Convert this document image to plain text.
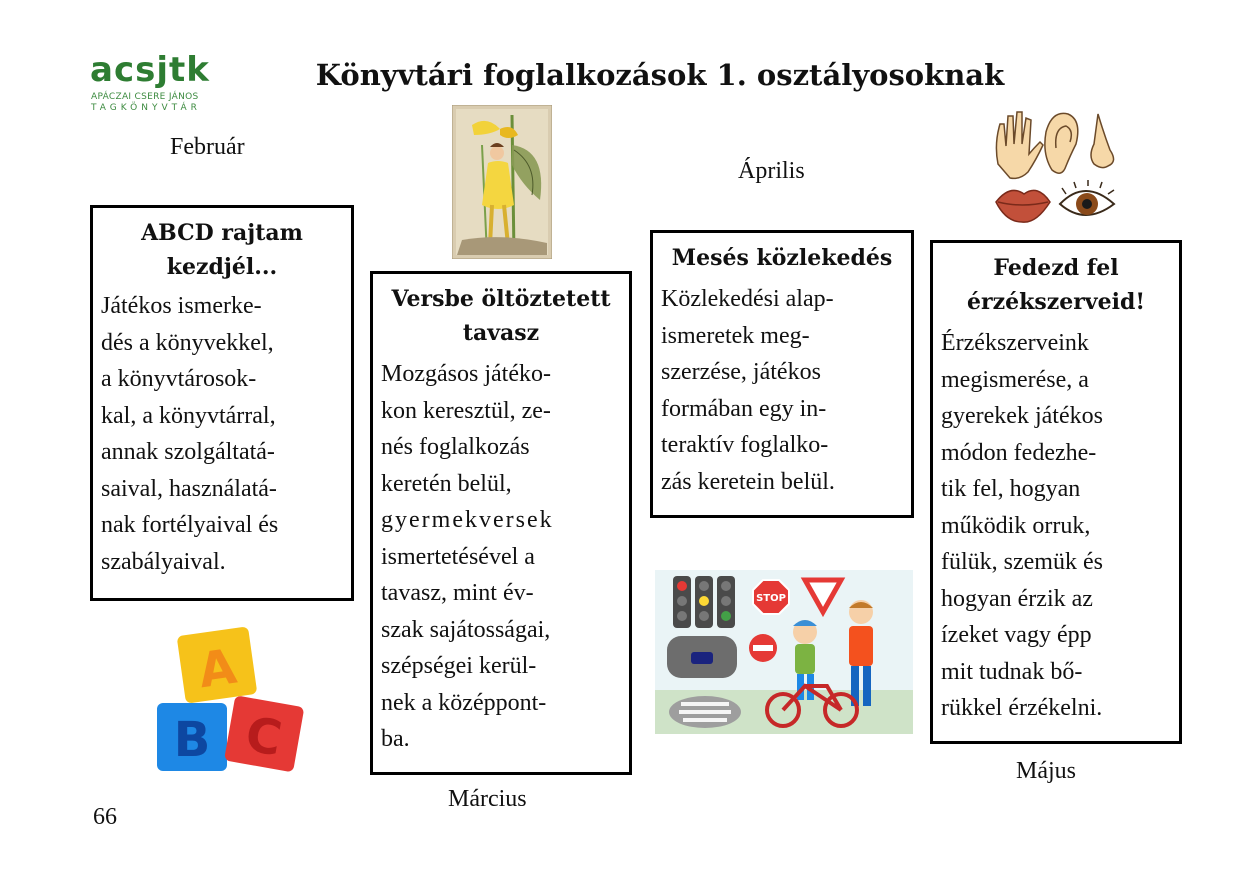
acsjtk
APÁCZAI CSERE JÁNOS
TAGKÖNYVTÁR
Könyvtári foglalkozások 1. osztályosoknak
Február
Április
Március
Május
ABCD rajtam
kezdjél...

Játékos ismerke-
dés a könyvekkel,
a könyvtárosok-
kal, a könyvtárral,
annak szolgáltatá-
saival, használatá-
nak fortélyaival és
szabályaival.

Versbe öltöztetett
tavasz

Mozgásos játéko-
kon keresztül, ze-
nés foglalkozás
keretén belül,
gyermekversek
ismertetésével a
tavasz, mint év-
szak sajátosságai,
szépségei kerül-
nek a középpont-
ba.

Mesés közlekedés

Közlekedési alap-
ismeretek meg-
szerzése, játékos
formában egy in-
teraktív foglalko-
zás keretein belül.

Fedezd fel
érzékszerveid!

Érzékszerveink
megismerése, a
gyerekek játékos
módon fedezhe-
tik fel, hogyan
működik orruk,
fülük, szemük és
hogyan érzik az
ízeket vagy épp
mit tudnak bő-
rükkel érzékelni.

A
B C
STOP
66
